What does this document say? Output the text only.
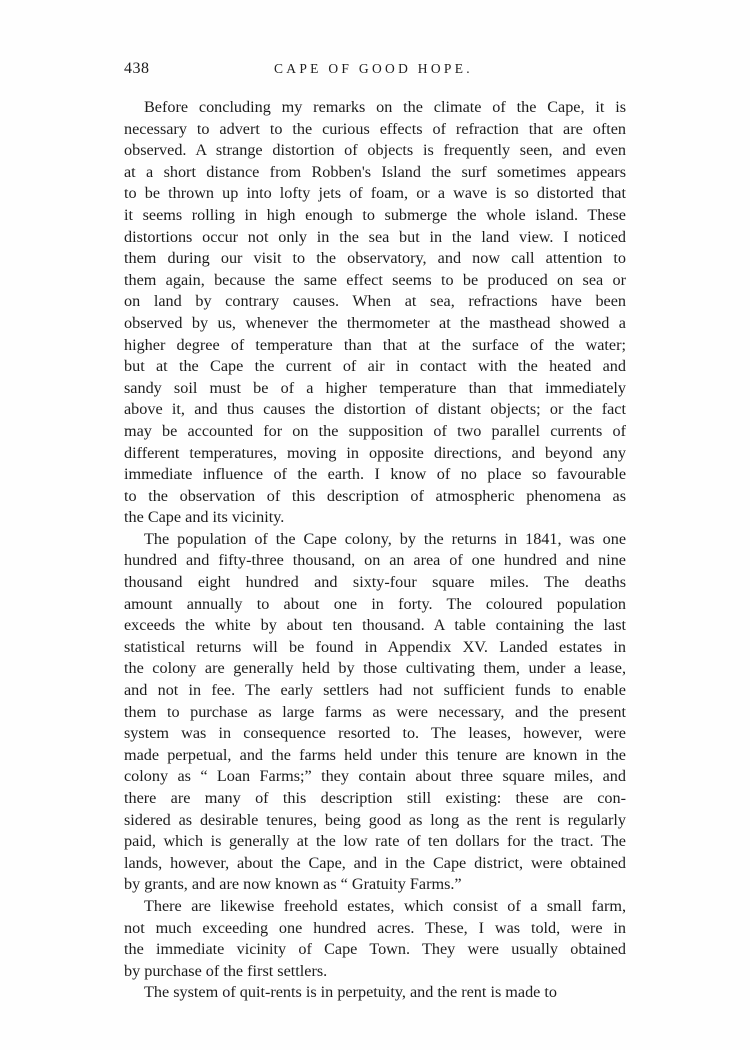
438	CAPE OF GOOD HOPE.
Before concluding my remarks on the climate of the Cape, it is
necessary to advert to the curious effects of refraction that are often
observed. A strange distortion of objects is frequently seen, and even
at a short distance from Robben's Island the surf sometimes appears
to be thrown up into lofty jets of foam, or a wave is so distorted that
it seems rolling in high enough to submerge the whole island. These
distortions occur not only in the sea but in the land view. I noticed
them during our visit to the observatory, and now call attention to
them again, because the same effect seems to be produced on sea or
on land by contrary causes. When at sea, refractions have been
observed by us, whenever the thermometer at the masthead showed a
higher degree of temperature than that at the surface of the water;
but at the Cape the current of air in contact with the heated and
sandy soil must be of a higher temperature than that immediately
above it, and thus causes the distortion of distant objects; or the fact
may be accounted for on the supposition of two parallel currents of
different temperatures, moving in opposite directions, and beyond any
immediate influence of the earth. I know of no place so favourable
to the observation of this description of atmospheric phenomena as
the Cape and its vicinity.
The population of the Cape colony, by the returns in 1841, was one
hundred and fifty-three thousand, on an area of one hundred and nine
thousand eight hundred and sixty-four square miles. The deaths
amount annually to about one in forty. The coloured population
exceeds the white by about ten thousand. A table containing the last
statistical returns will be found in Appendix XV. Landed estates in
the colony are generally held by those cultivating them, under a lease,
and not in fee. The early settlers had not sufficient funds to enable
them to purchase as large farms as were necessary, and the present
system was in consequence resorted to. The leases, however, were
made perpetual, and the farms held under this tenure are known in the
colony as “ Loan Farms;” they contain about three square miles, and
there are many of this description still existing: these are con-
sidered as desirable tenures, being good as long as the rent is regularly
paid, which is generally at the low rate of ten dollars for the tract. The
lands, however, about the Cape, and in the Cape district, were obtained
by grants, and are now known as “ Gratuity Farms.”
There are likewise freehold estates, which consist of a small farm,
not much exceeding one hundred acres. These, I was told, were in
the immediate vicinity of Cape Town. They were usually obtained
by purchase of the first settlers.
The system of quit-rents is in perpetuity, and the rent is made to
